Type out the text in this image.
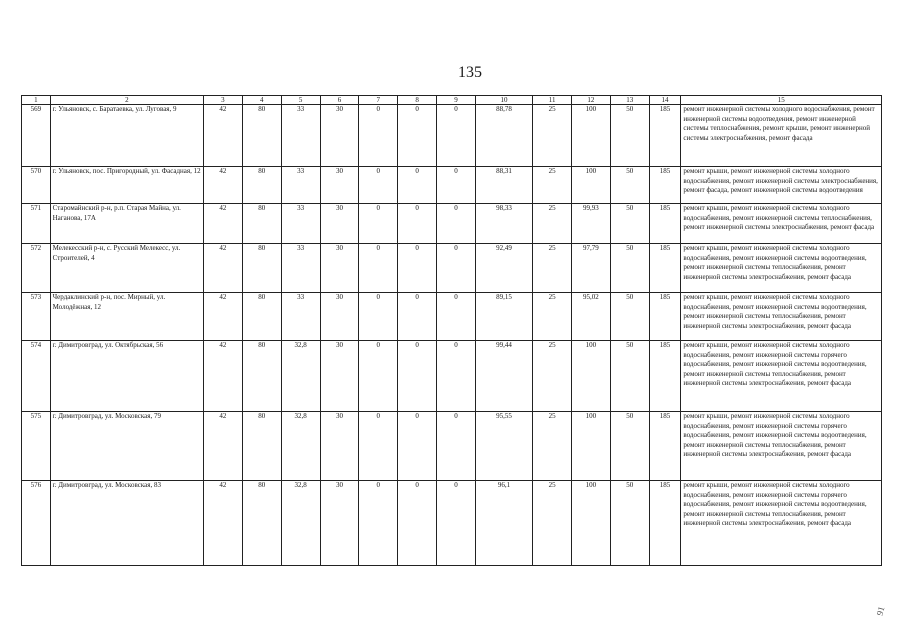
135
1	2	3	4	5	6	7	8	9	10	11	12	13	14	15
569	г. Ульяновск, с. Баратаевка, ул. Луговая, 9	42	80	33	30	0	0	0	88,78	25	100	50	185	ремонт инженерной системы холодного водоснабжения, ремонт инженерной системы водоотведения, ремонт инженерной системы теплоснабжения, ремонт крыши, ремонт инженерной системы электроснабжения, ремонт фасада
570	г. Ульяновск, пос. Пригородный, ул. Фасадная, 12	42	80	33	30	0	0	0	88,31	25	100	50	185	ремонт крыши, ремонт инженерной системы холодного водоснабжения, ремонт инженерной системы электроснабжения, ремонт фасада, ремонт инженерной системы водоотведения
571	Старомайнский р-н, р.п. Старая Майна, ул. Наганова, 17А	42	80	33	30	0	0	0	98,33	25	99,93	50	185	ремонт крыши, ремонт инженерной системы холодного водоснабжения, ремонт инженерной системы теплоснабжения, ремонт инженерной системы электроснабжения, ремонт фасада
572	Мелекесский р-н, с. Русский Мелекесс, ул. Строителей, 4	42	80	33	30	0	0	0	92,49	25	97,79	50	185	ремонт крыши, ремонт инженерной системы холодного водоснабжения, ремонт инженерной системы водоотведения, ремонт инженерной системы теплоснабжения, ремонт инженерной системы электроснабжения, ремонт фасада
573	Чердаклинский р-н, пос. Мирный, ул. Молодёжная, 12	42	80	33	30	0	0	0	89,15	25	95,02	50	185	ремонт крыши, ремонт инженерной системы холодного водоснабжения, ремонт инженерной системы водоотведения, ремонт инженерной системы теплоснабжения, ремонт инженерной системы электроснабжения, ремонт фасада
574	г. Димитровград, ул. Октябрьская, 56	42	80	32,8	30	0	0	0	99,44	25	100	50	185	ремонт крыши, ремонт инженерной системы холодного водоснабжения, ремонт инженерной системы горячего водоснабжения, ремонт инженерной системы водоотведения, ремонт инженерной системы теплоснабжения, ремонт инженерной системы электроснабжения, ремонт фасада
575	г. Димитровград, ул. Московская, 79	42	80	32,8	30	0	0	0	95,55	25	100	50	185	ремонт крыши, ремонт инженерной системы холодного водоснабжения, ремонт инженерной системы горячего водоснабжения, ремонт инженерной системы водоотведения, ремонт инженерной системы теплоснабжения, ремонт инженерной системы электроснабжения, ремонт фасада
576	г. Димитровград, ул. Московская, 83	42	80	32,8	30	0	0	0	96,1	25	100	50	185	ремонт крыши, ремонт инженерной системы холодного водоснабжения, ремонт инженерной системы горячего водоснабжения, ремонт инженерной системы водоотведения, ремонт инженерной системы теплоснабжения, ремонт инженерной системы электроснабжения, ремонт фасада
91
